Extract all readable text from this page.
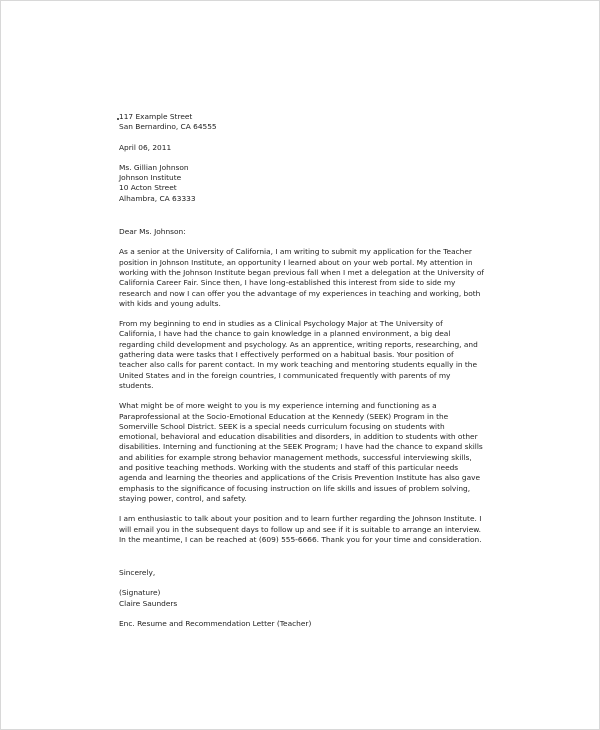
117 Example Street
San Bernardino, CA 64555
April 06, 2011
Ms. Gillian Johnson
Johnson Institute
10 Acton Street
Alhambra, CA 63333
Dear Ms. Johnson:
As a senior at the University of California, I am writing to submit my application for the Teacher
position in Johnson Institute, an opportunity I learned about on your web portal. My attention in
working with the Johnson Institute began previous fall when I met a delegation at the University of
California Career Fair. Since then, I have long-established this interest from side to side my
research and now I can offer you the advantage of my experiences in teaching and working, both
with kids and young adults.
From my beginning to end in studies as a Clinical Psychology Major at The University of
California, I have had the chance to gain knowledge in a planned environment, a big deal
regarding child development and psychology. As an apprentice, writing reports, researching, and
gathering data were tasks that I effectively performed on a habitual basis. Your position of
teacher also calls for parent contact. In my work teaching and mentoring students equally in the
United States and in the foreign countries, I communicated frequently with parents of my
students.
What might be of more weight to you is my experience interning and functioning as a
Paraprofessional at the Socio-Emotional Education at the Kennedy (SEEK) Program in the
Somerville School District. SEEK is a special needs curriculum focusing on students with
emotional, behavioral and education disabilities and disorders, in addition to students with other
disabilities. Interning and functioning at the SEEK Program; I have had the chance to expand skills
and abilities for example strong behavior management methods, successful interviewing skills,
and positive teaching methods. Working with the students and staff of this particular needs
agenda and learning the theories and applications of the Crisis Prevention Institute has also gave
emphasis to the significance of focusing instruction on life skills and issues of problem solving,
staying power, control, and safety.
I am enthusiastic to talk about your position and to learn further regarding the Johnson Institute. I
will email you in the subsequent days to follow up and see if it is suitable to arrange an interview.
In the meantime, I can be reached at (609) 555-6666. Thank you for your time and consideration.
Sincerely,
(Signature)
Claire Saunders
Enc. Resume and Recommendation Letter (Teacher)
